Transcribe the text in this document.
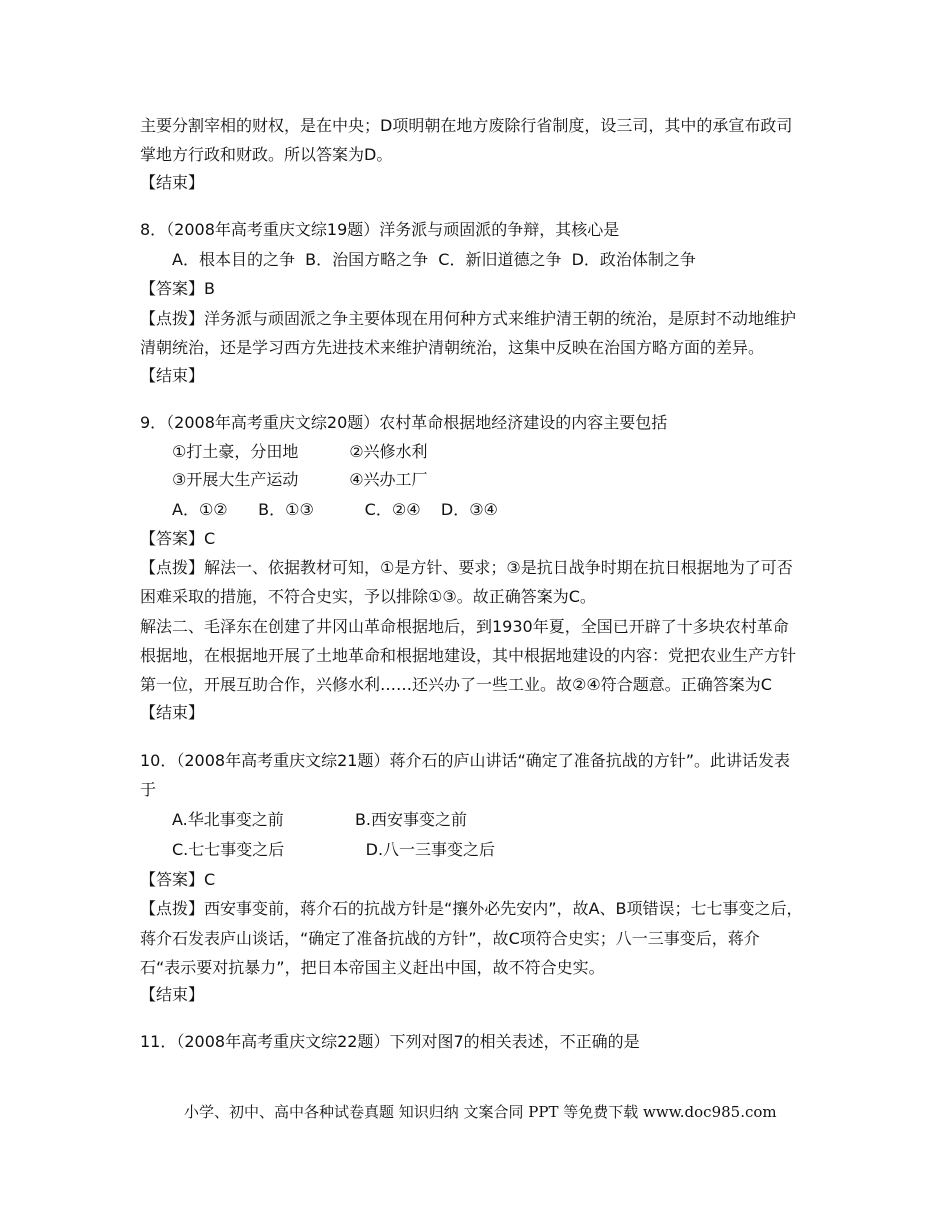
主要分割宰相的财权，是在中央；D项明朝在地方废除行省制度，设三司，其中的承宣布政司
掌地方行政和财政。所以答案为D。
【结束】
8．（2008年高考重庆文综19题）洋务派与顽固派的争辩，其核心是
A．根本目的之争  B．治国方略之争  C．新旧道德之争  D．政治体制之争
【答案】B
【点拨】洋务派与顽固派之争主要体现在用何种方式来维护清王朝的统治，是原封不动地维护
清朝统治，还是学习西方先进技术来维护清朝统治，这集中反映在治国方略方面的差异。
【结束】
9．（2008年高考重庆文综20题）农村革命根据地经济建设的内容主要包括
①打土豪，分田地          ②兴修水利
③开展大生产运动          ④兴办工厂
A．①②      B．①③          C．②④    D．③④
【答案】C
【点拨】解法一、依据教材可知，①是方针、要求；③是抗日战争时期在抗日根据地为了可否
困难采取的措施，不符合史实，予以排除①③。故正确答案为C。
解法二、毛泽东在创建了井冈山革命根据地后，到1930年夏，全国已开辟了十多块农村革命
根据地，在根据地开展了土地革命和根据地建设，其中根据地建设的内容：党把农业生产方针
第一位，开展互助合作，兴修水利……还兴办了一些工业。故②④符合题意。正确答案为C
【结束】
10．（2008年高考重庆文综21题）蒋介石的庐山讲话“确定了准备抗战的方针”。此讲话发表
于
A.华北事变之前              B.西安事变之前
C.七七事变之后                D.八一三事变之后
【答案】C
【点拨】西安事变前，蒋介石的抗战方针是“攘外必先安内”，故A、B项错误；七七事变之后，
蒋介石发表庐山谈话，“确定了准备抗战的方针”，故C项符合史实；八一三事变后，蒋介
石“表示要对抗暴力”，把日本帝国主义赶出中国，故不符合史实。
【结束】
11．（2008年高考重庆文综22题）下列对图7的相关表述，不正确的是
小学、初中、高中各种试卷真题 知识归纳 文案合同 PPT 等免费下载 www.doc985.com
